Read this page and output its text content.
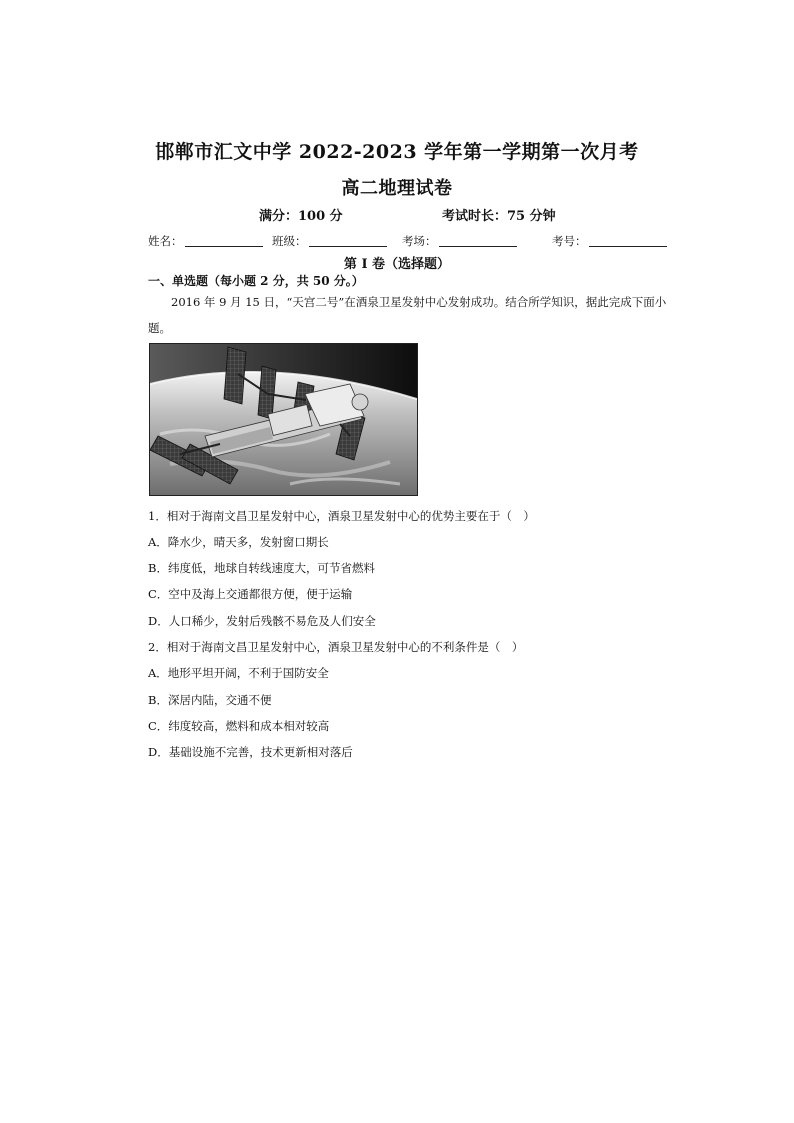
邯郸市汇文中学 2022-2023 学年第一学期第一次月考
高二地理试卷
满分：100 分	考试时长：75 分钟
姓名：	班级：	考场：	考号：
第 I 卷（选择题）
一、单选题（每小题 2 分，共 50 分。）
2016 年 9 月 15 日，“天宫二号”在酒泉卫星发射中心发射成功。结合所学知识，据此完成下面小题。
1．相对于海南文昌卫星发射中心，酒泉卫星发射中心的优势主要在于（　）
A．降水少，晴天多，发射窗口期长
B．纬度低，地球自转线速度大，可节省燃料
C．空中及海上交通都很方便，便于运输
D．人口稀少，发射后残骸不易危及人们安全
2．相对于海南文昌卫星发射中心，酒泉卫星发射中心的不利条件是（　）
A．地形平坦开阔，不利于国防安全
B．深居内陆，交通不便
C．纬度较高，燃料和成本相对较高
D．基础设施不完善，技术更新相对落后
